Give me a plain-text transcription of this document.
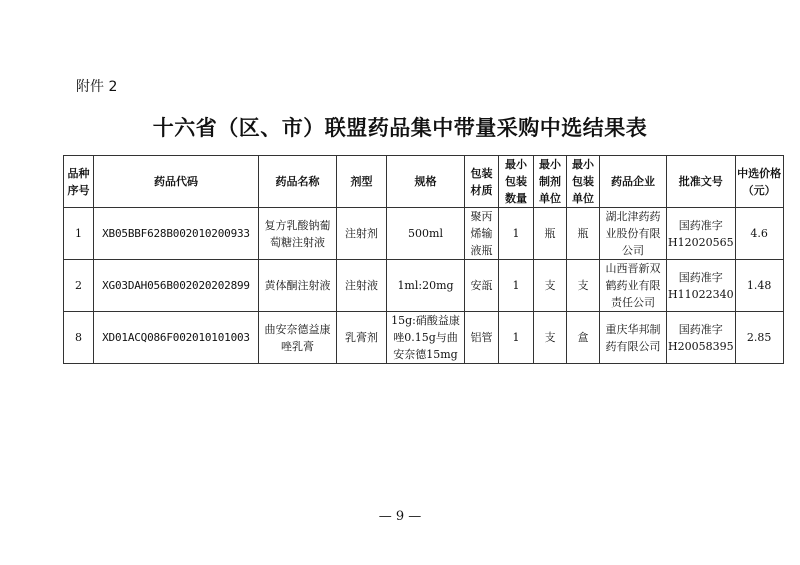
附件 2
十六省（区、市）联盟药品集中带量采购中选结果表
品种序号	药品代码	药品名称	剂型	规格	包装材质	最小包装数量	最小制剂单位	最小包装单位	药品企业	批准文号	中选价格（元）
1	XB05BBF628B002010200933	复方乳酸钠葡萄糖注射液	注射剂	500ml	聚丙烯输液瓶	1	瓶	瓶	湖北津药药业股份有限公司	国药准字H12020565	4.6
2	XG03DAH056B002020202899	黄体酮注射液	注射液	1ml:20mg	安瓿	1	支	支	山西晋新双鹤药业有限责任公司	国药准字H11022340	1.48
8	XD01ACQ086F002010101003	曲安奈德益康唑乳膏	乳膏剂	15g:硝酸益康唑0.15g与曲安奈德15mg	铝管	1	支	盒	重庆华邦制药有限公司	国药准字H20058395	2.85
— 9 —
